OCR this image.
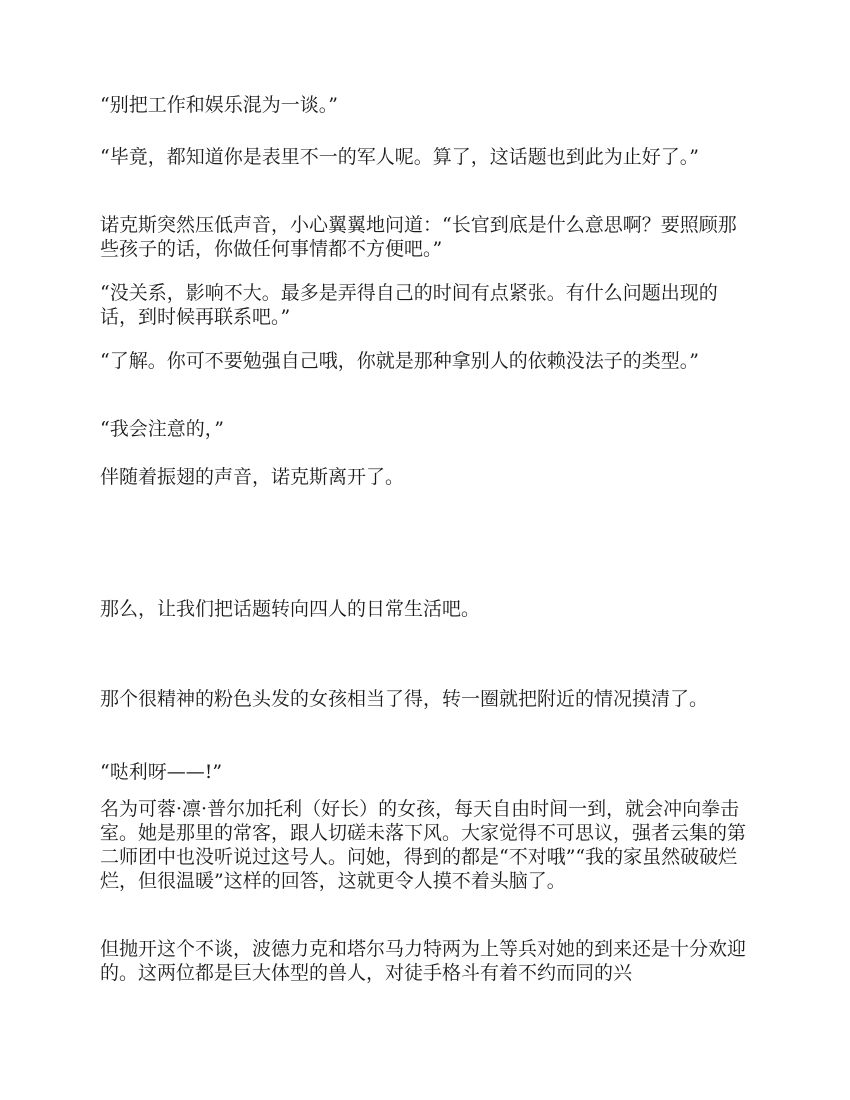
“别把工作和娱乐混为一谈。”

“毕竟，都知道你是表里不一的军人呢。算了，这话题也到此为止好了。”

诺克斯突然压低声音，小心翼翼地问道：“长官到底是什么意思啊？要照顾那些孩子的话，你做任何事情都不方便吧。”

“没关系，影响不大。最多是弄得自己的时间有点紧张。有什么问题出现的话，到时候再联系吧。”

“了解。你可不要勉强自己哦，你就是那种拿别人的依赖没法子的类型。”

“我会注意的，”

伴随着振翅的声音，诺克斯离开了。

那么，让我们把话题转向四人的日常生活吧。

那个很精神的粉色头发的女孩相当了得，转一圈就把附近的情况摸清了。

“哒利呀——!”

名为可蓉·凛·普尔加托利（好长）的女孩，每天自由时间一到，就会冲向拳击室。她是那里的常客，跟人切磋未落下风。大家觉得不可思议，强者云集的第二师团中也没听说过这号人。问她，得到的都是“不对哦”“我的家虽然破破烂烂，但很温暖”这样的回答，这就更令人摸不着头脑了。

但抛开这个不谈，波德力克和塔尔马力特两为上等兵对她的到来还是十分欢迎的。这两位都是巨大体型的兽人，对徒手格斗有着不约而同的兴
